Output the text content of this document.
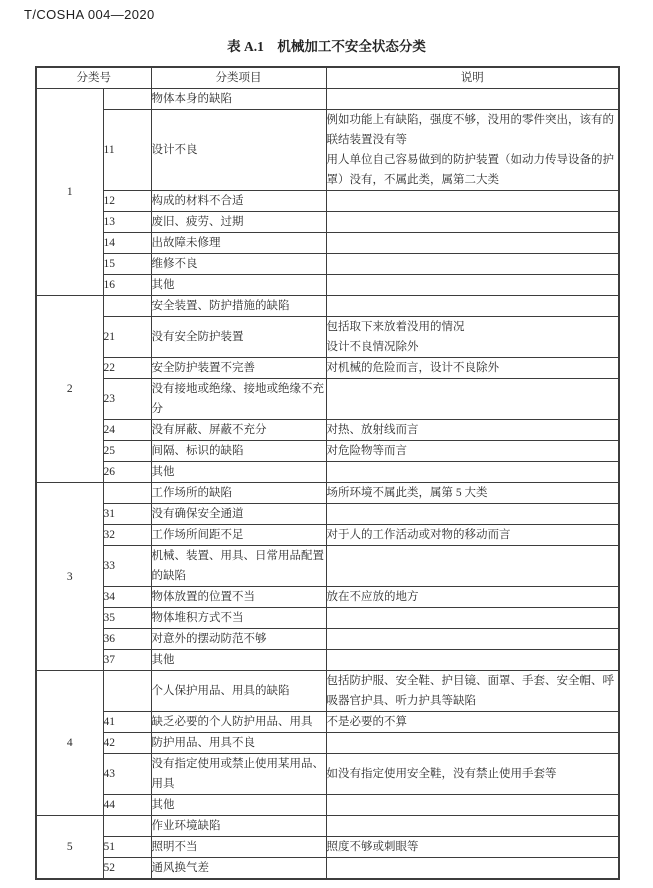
T/COSHA 004—2020
表 A.1　机械加工不安全状态分类
分类号		分类项目	说明
1		物体本身的缺陷	
	11	设计不良	例如功能上有缺陷，强度不够，没用的零件突出，该有的联结装置没有等
用人单位自己容易做到的防护装置（如动力传导设备的护罩）没有，不属此类，属第二大类

	12	构成的材料不合适	
	13	废旧、疲劳、过期	
	14	出故障未修理	
	15	维修不良	
	16	其他	
2		安全装置、防护措施的缺陷	
	21	没有安全防护装置	包括取下来放着没用的情况
设计不良情况除外

	22	安全防护装置不完善	对机械的危险而言，设计不良除外

	23	没有接地或绝缘、接地或绝缘不充分	
	24	没有屏蔽、屏蔽不充分	对热、放射线而言

	25	间隔、标识的缺陷	对危险物等而言

	26	其他	
3		工作场所的缺陷	场所环境不属此类，属第 5 大类

	31	没有确保安全通道	
	32	工作场所间距不足	对于人的工作活动或对物的移动而言

	33	机械、装置、用具、日常用品配置的缺陷	
	34	物体放置的位置不当	放在不应放的地方

	35	物体堆积方式不当	
	36	对意外的摆动防范不够	
	37	其他	
4		个人保护用品、用具的缺陷	包括防护服、安全鞋、护目镜、面罩、手套、安全帽、呼吸器官护具、听力护具等缺陷

	41	缺乏必要的个人防护用品、用具	不是必要的不算

	42	防护用品、用具不良	
	43	没有指定使用或禁止使用某用品、用具	如没有指定使用安全鞋，没有禁止使用手套等

	44	其他	
5		作业环境缺陷	
	51	照明不当	照度不够或刺眼等

	52	通风换气差	
